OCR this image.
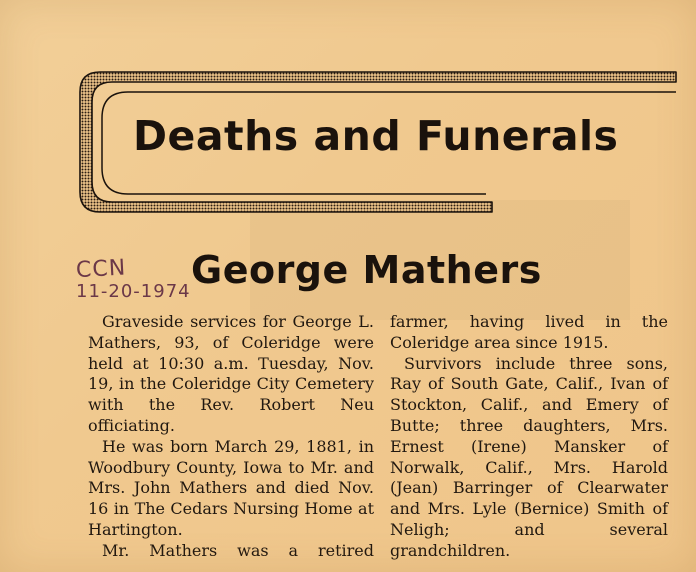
Deaths and Funerals
CCN
11-20-1974 George Mathers

Graveside services for George L. Mathers, 93, of Coleridge were held at 10:30 a.m. Tuesday, Nov. 19, in the Coleridge City Cemetery with the Rev. Robert Neu officiating.

He was born March 29, 1881, in Woodbury County, Iowa to Mr. and Mrs. John Mathers and died Nov. 16 in The Cedars Nursing Home at Hartington.

Mr. Mathers was a retired

farmer, having lived in the Coleridge area since 1915.

Survivors include three sons, Ray of South Gate, Calif., Ivan of Stockton, Calif., and Emery of Butte; three daughters, Mrs. Ernest (Irene) Mansker of Norwalk, Calif., Mrs. Harold (Jean) Barringer of Clearwater and Mrs. Lyle (Bernice) Smith of Neligh; and several grandchildren.
